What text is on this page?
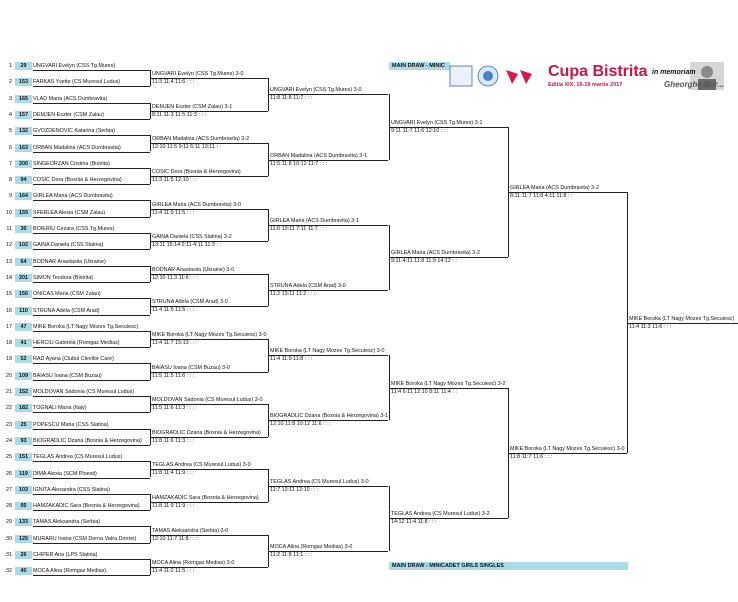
MAIN DRAW - MINIC	Cupa Bistrita in memoriam
Editia XIX, 16-19 martie 2017	Gheorghe Bor...
MAIN DRAW - MINICADET GIRLS SINGLES
1	29	UNGVARI Evelyn (CSS Tg.Mures)
2	153 FARKAS Yvette (CS Muresul Ludus)
3	165 VLAD Maria (ACS Dumbravita)
4	157 DEMJEN Eszter (CSM Zalau)
5	132 GVOZDENOVIC Katarina (Serbia)
6	163 ORBAN Madalina (ACS Dumbravita)
7	200 SINGEORZAN Cristina (Bistrita)
8	94	COSIC Dora (Bosnia & Herzegovina)
9	164 GIRLEA Maria (ACS Dumbravita)
10	159 SFERLEA Alesia (CSM Zalau)
11	30	BOIERIU Cezara (CSS Tg.Mures)
12	102 GAINA Daniela (CSS Slatina)
13	64	BODNAR Anastasiia (Ukraine)
14	201 SIMON Teodora (Bistrita)
15	156 ONICAS Maria (CSM Zalau)
16	110 STRUNA Adela (CSM Arad)
17	47	MIKE Boroka (LT Nagy Mozes Tg.Secuiesc)
18	41	HERCIU Gabriela (Romgaz Medias)
19	52	RAD Ayana (Clubul Clevilor Care)
20	109 BAIASU Ioana (CSM Buzau)
21	152 MOLDOVAN Sadonia (CS Muresul Ludus)
22	182 TOGNALI Maria (Italy)
23	25	POPESCU Maria (CSS Slatina)
24	93	BIOGRADLIC Dzana (Bosnia & Herzegovina)
25	151 TEGLAS Andrea (CS Muresul Ludus)
26	119 DIMA Alexia (SCM Ploesti)
27	103 IGNITA Alexandra (CSS Slatina)
28	95	HAMZAKADIC Sara (Bosnia & Herzegovina)
29	133 TAMAS Aleksandra (Serbia)
30	125 MURARU Ioana (CSM Dorna Vatra Dornei)
31	26	CHIPER Ana (LPS Slatina)
32	40	MOCA Alina (Romgaz Medias)
UNGVARI Evelyn (CSS Tg.Mures) 3-0
11:3 11:4 11:6 : : :
DEMJEN Eszter (CSM Zalau) 3-1
8:11 11:3 11:5 11:3 : : :
ORBAN Madalina (ACS Dumbravita) 3-2
12:10 11:5 9:11 6:11 13:11 : :
COSIC Dora (Bosnia & Herzegovina)
11:3 11:5 12:10 : : :
GIRLEA Maria (ACS Dumbravita) 3-0
11:4 11:9 11:5 : : :
GAINA Daniela (CSS Slatina) 3-2
13:11 15:14 2:11 4:11 11:3 : :
BODNAR Anastasiia (Ukraine) 3-0
12:10 11:3 11:6 : : :
STRUNA Adela (CSM Arad) 3-0
11:4 11:5 11:5 : : :
MIKE Boroka (LT Nagy Mozes Tg.Secuiesc) 3-0
11:4 11:7 15:13 : : :
BAIASU Ioana (CSM Buzau) 3-0
11:5 11:5 11:6 : : :
MOLDOVAN Sadonia (CS Muresul Ludus) 3-0
11:5 11:6 11:3 : : :
BIOGRADLIC Dzana (Bosnia & Herzegovina)
11:8 11:6 11:3 : : :
TEGLAS Andrea (CS Muresul Ludus) 3-0
11:8 11:4 11:9 : : :
HAMZAKADIC Sara (Bosnia & Herzegovina)
11:8 11:9 11:9 : : :
TAMAS Aleksandra (Serbia) 3-0
12:10 11:7 11:8 : : :
MOCA Alina (Romgaz Medias) 3-0
11:4 11:2 11:5 : : :
UNGVARI Evelyn (CSS Tg.Mures) 3-0
11:8 11:8 11:7 : : :
ORBAN Madalina (ACS Dumbravita) 3-1
11:5 11:8 10:12 11:7 : : :
GIRLEA Maria (ACS Dumbravita) 3-1
11:6 13:11 7:11 11:7 : : :
STRUNA Adela (CSM Arad) 3-0
11:2 13:11 11:2 : : :
MIKE Boroka (LT Nagy Mozes Tg.Secuiesc) 3-0
11:4 11:9 11:8 : : :
BIOGRADLIC Dzana (Bosnia & Herzegovina) 3-1
12:10 11:8 10:12 11:6 : : :
TEGLAS Andrea (CS Muresul Ludus) 3-0
11:7 13:11 12:10 : : :
MOCA Alina (Romgaz Medias) 3-0
11:2 11:8 11:1 : : :
UNGVARI Evelyn (CSS Tg.Mures) 3-1
9:11 11:7 11:6 12:10 : : :
GIRLEA Maria (ACS Dumbravita) 3-2
9:11 4:11 11:8 11:9 14:12 : :
MIKE Boroka (LT Nagy Mozes Tg.Secuiesc) 3-2
11:4 6:11 12:10 8:11 11:4 : :
TEGLAS Andrea (CS Muresul Ludus) 3-2
14:12 11:4 11:8 : : :
GIRLEA Maria (ACS Dumbravita) 3-2
8:11 11:7 11:8 4:11 11:8 : :
MIKE Boroka (LT Nagy Mozes Tg.Secuiesc) 3-0
11:8 11:7 11:6 : : :
MIKE Boroka (LT Nagy Mozes Tg.Secuiesc)
11:4 11:3 11:6 : : :
